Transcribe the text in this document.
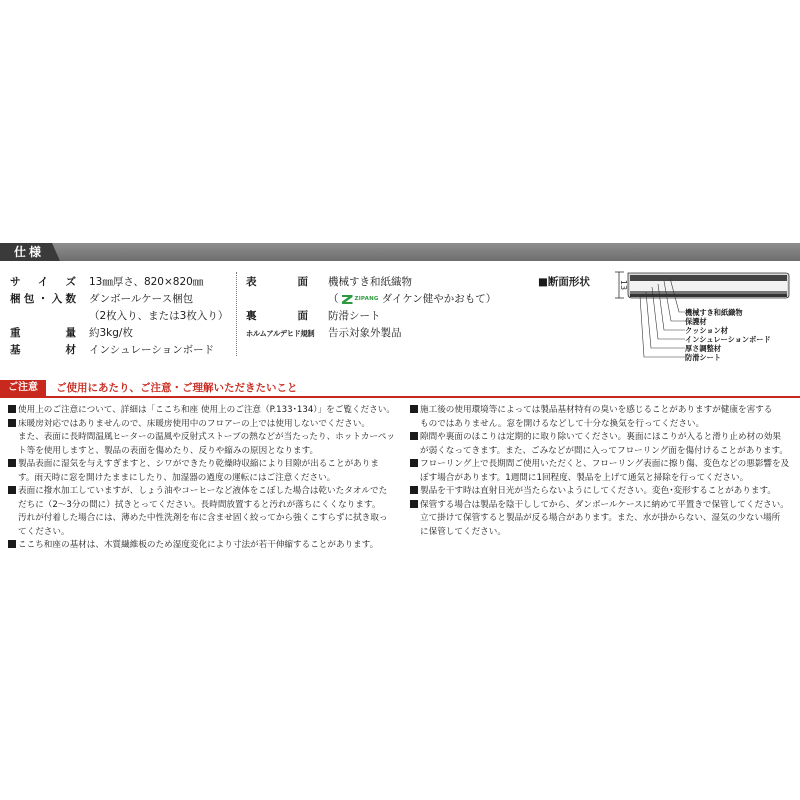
仕様
サ イ ズ 13㎜厚さ、820×820㎜
梱 包 ・ 入 数 ダンボールケース梱包
（2枚入り、または3枚入り）
重	量 約3kg/枚
基	材 インシュレーションボード
表	面 機械すき和紙織物
（	ZIPANG ダイケン健やかおもて）
裏	面 防滑シート
ホルムアルデヒド規制 告示対象外製品
■断面形状	13
機械すき和紙織物
保護材
クッション材
インシュレーションボード
厚さ調整材
防滑シート
ご注意	ご使用にあたり、ご注意・ご理解いただきたいこと

使用上のご注意について、詳細は「ここち和座 使用上のご注意（P.133･134）」をご覧ください。

床暖房対応ではありませんので、床暖房使用中のフロアーの上では使用しないでください。

また、表面に長時間温風ヒーターの温風や反射式ストーブの熱などが当たったり、ホットカーペッ

ト等を使用しますと、製品の表面を傷めたり、反りや縮みの原因となります。

製品表面に湿気を与えすぎますと、シワができたり乾燥時収縮により目隙が出ることがありま

す。雨天時に窓を開けたままにしたり、加湿器の過度の運転にはご注意ください。

表面に撥水加工していますが、しょう油やコーヒーなど液体をこぼした場合は乾いたタオルでた

だちに（2～3分の間に）拭きとってください。長時間放置すると汚れが落ちにくくなります。

汚れが付着した場合には、薄めた中性洗剤を布に含ませ固く絞ってから強くこすらずに拭き取っ

てください。

ここち和座の基材は、木質繊維板のため湿度変化により寸法が若干伸縮することがあります。

施工後の使用環境等によっては製品基材特有の臭いを感じることがありますが健康を害する

ものではありません。窓を開けるなどして十分な換気を行ってください。

隙間や裏面のほこりは定期的に取り除いてください。裏面にほこりが入ると滑り止め材の効果

が弱くなってきます。また、ごみなどが間に入ってフローリング面を傷付けることがあります。

フローリング上で長期間ご使用いただくと、フローリング表面に擦り傷、変色などの悪影響を及

ぼす場合があります。1週間に1回程度、製品を上げて通気と掃除を行ってください。

製品を干す時は直射日光が当たらないようにしてください。変色･変形することがあります。

保管する場合は製品を陰干ししてから、ダンボールケースに納めて平置きで保管してください。

立て掛けて保管すると製品が反る場合があります。また、水が掛からない、湿気の少ない場所

に保管してください。
